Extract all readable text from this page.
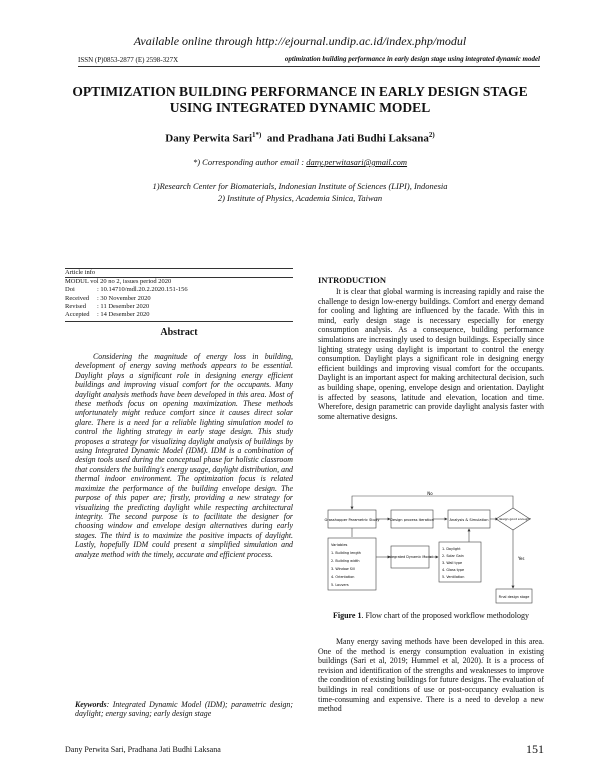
Available online through http://ejournal.undip.ac.id/index.php/modul
ISSN (P)0853-2877 (E) 2598-327X	optimization building performance in early design stage using integrated dynamic model
OPTIMIZATION BUILDING PERFORMANCE IN EARLY DESIGN STAGE
USING INTEGRATED DYNAMIC MODEL
Dany Perwita Sari$^{1*)}$ and Pradhana Jati Budhi Laksana$^{2)}$
*) Corresponding author email : dany.perwitasari@gmail.com
1)Research Center for Biomaterials, Indonesian Institute of Sciences (LIPI), Indonesia
2) Institute of Physics, Academia Sinica, Taiwan
Article info
MODUL vol 20 no 2, issues period 2020
Doi	: 10.14710/mdl.20.2.2020.151-156
Received	: 30 November 2020
Revised	: 11 Desember 2020
Accepted	: 14 Desember 2020
Abstract
Considering the magnitude of energy loss in building, development of energy saving methods appears to be essential. Daylight plays a significant role in designing energy efficient buildings and improving visual comfort for the occupants. Many daylight analysis methods have been developed in this area. Most of these methods focus on opening maximization. These methods unfortunately might reduce comfort since it causes direct solar glare. There is a need for a reliable lighting simulation model to control the lighting strategy in early stage design. This study proposes a strategy for visualizing daylight analysis of buildings by using Integrated Dynamic Model (IDM). IDM is a combination of design tools used during the conceptual phase for holistic classroom that considers the building's energy usage, daylight distribution, and thermal indoor environment. The optimization focus is related maximize the performance of the building envelope design. The purpose of this paper are; firstly, providing a new strategy for visualizing the predicting daylight while respecting architectural integrity. The second purpose is to facilitate the designer for choosing window and envelope design alternatives during early stages. The third is to maximize the positive impacts of daylight. Lastly, hopefully IDM could present a simplified simulation and analyze method with the timely, accurate and efficient process.
Keywords: Integrated Dynamic Model (IDM); parametric design; daylight; energy saving; early design stage
INTRODUCTION
It is clear that global warming is increasing rapidly and raise the challenge to design low-energy buildings. Comfort and energy demand for cooling and lighting are influenced by the facade. With this in mind, early design stage is necessary especially for energy consumption analysis. As a consequence, building performance simulations are increasingly used to design buildings. Especially since lighting strategy using daylight is important to control the energy consumption. Daylight plays a significant role in designing energy efficient buildings and improving visual comfort for the occupants. Daylight is an important aspect for making architectural decision, such as building shape, opening, envelope design and orientation. Daylight is affected by seasons, latitude and elevation, location and time. Wherefore, design parametric can provide daylight analysis faster with some alternative designs.
No
Grasshopper Parametric Study	Design process iteration	Analysis & Simulation Is design good enough?
Yes
Variables
1. Building length
2. Building width
3. Window Sill
4. Orientation
5. Louvers
Integrated Dynamic Model
1. Daylight
2. Solar Gain
3. Wall type
4. Glass type
5. Ventilation
Final design stage
Figure 1. Flow chart of the proposed workflow methodology
Many energy saving methods have been developed in this area. One of the method is energy consumption evaluation in existing buildings (Sari et al, 2019; Hummel et al, 2020). It is a process of revision and identification of the strengths and weaknesses to improve the condition of existing buildings for future designs. The evaluation of buildings in real conditions of use or post-occupancy evaluation is time-consuming and expensive. There is a need to develop a new method
Dany Perwita Sari, Pradhana Jati Budhi Laksana	151
